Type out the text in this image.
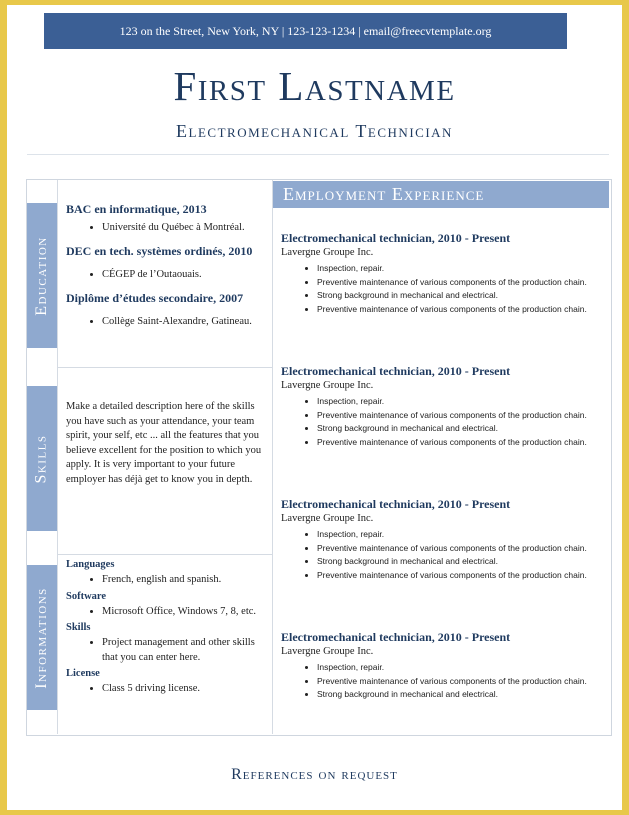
123 on the Street, New York, NY | 123-123-1234 | email@freecvtemplate.org
First Lastname
Electromechanical Technician
Education
Skills
Informations
Employment Experience
BAC en informatique, 2013
• Université du Québec à Montréal.
DEC en tech. systèmes ordinés, 2010
• CÉGEP de l’Outaouais.
Diplôme d’études secondaire, 2007
• Collège Saint-Alexandre, Gatineau.
Make a detailed description here of the skills you have such as your attendance, your team spirit, your self, etc ... all the features that you believe excellent for the position to which you apply. It is very important to your future employer has déjà get to know you in depth.
Languages
• French, english and spanish.
Software
• Microsoft Office, Windows 7, 8, etc.
Skills
• Project management and other skills that you can enter here.
License
• Class 5 driving license.
Electromechanical technician, 2010 - Present
Lavergne Groupe Inc.
• Inspection, repair.
• Preventive maintenance of various components of the production chain.
• Strong background in mechanical and electrical.
• Preventive maintenance of various components of the production chain.
Electromechanical technician, 2010 - Present
Lavergne Groupe Inc.
• Inspection, repair.
• Preventive maintenance of various components of the production chain.
• Strong background in mechanical and electrical.
• Preventive maintenance of various components of the production chain.
Electromechanical technician, 2010 - Present
Lavergne Groupe Inc.
• Inspection, repair.
• Preventive maintenance of various components of the production chain.
• Strong background in mechanical and electrical.
• Preventive maintenance of various components of the production chain.
Electromechanical technician, 2010 - Present
Lavergne Groupe Inc.
• Inspection, repair.
• Preventive maintenance of various components of the production chain.
• Strong background in mechanical and electrical.
References on request
